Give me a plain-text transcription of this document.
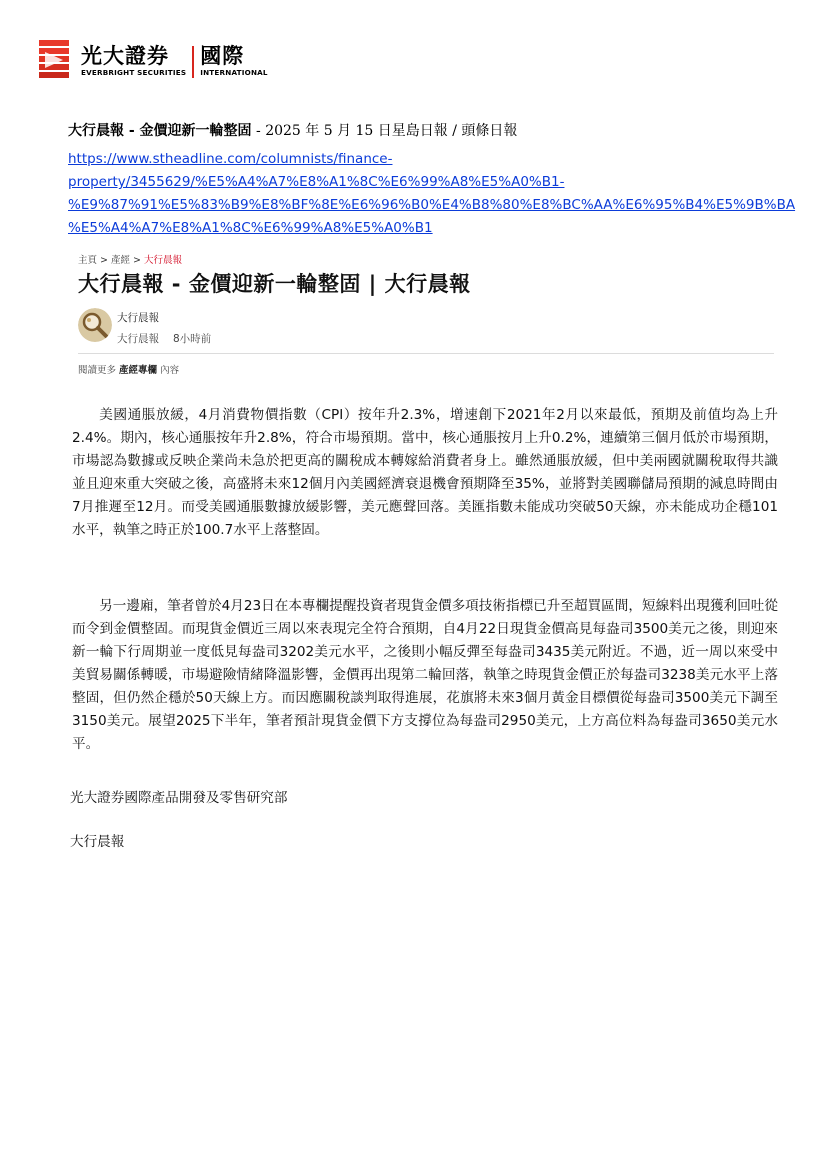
光大證券
EVERBRIGHT SECURITIES
國際
INTERNATIONAL
大行晨報 - 金價迎新一輪整固 - 2025 年 5 月 15 日星島日報 / 頭條日報
https://www.stheadline.com/columnists/finance-
property/3455629/%E5%A4%A7%E8%A1%8C%E6%99%A8%E5%A0%B1-
%E9%87%91%E5%83%B9%E8%BF%8E%E6%96%B0%E4%B8%80%E8%BC%AA%E6%95%B4%E5%9B%BA
%E5%A4%A7%E8%A1%8C%E6%99%A8%E5%A0%B1
主頁 > 產經 > 大行晨報
大行晨報 - 金價迎新一輪整固 | 大行晨報
大行晨報
大行晨報 8小時前
閱讀更多 產經專欄 內容

美國通脹放緩，4月消費物價指數（CPI）按年升2.3%，增速創下2021年2月以來最低，預期及前值均為上升2.4%。期內，核心通脹按年升2.8%，符合市場預期。當中，核心通脹按月上升0.2%，連續第三個月低於市場預期，市場認為數據或反映企業尚未急於把更高的關稅成本轉嫁給消費者身上。雖然通脹放緩，但中美兩國就關稅取得共識並且迎來重大突破之後，高盛將未來12個月內美國經濟衰退機會預期降至35%，並將對美國聯儲局預期的減息時間由7月推遲至12月。而受美國通脹數據放緩影響，美元應聲回落。美匯指數未能成功突破50天線，亦未能成功企穩101水平，執筆之時正於100.7水平上落整固。

另一邊廂，筆者曾於4月23日在本專欄提醒投資者現貨金價多項技術指標已升至超買區間，短線料出現獲利回吐從而令到金價整固。而現貨金價近三周以來表現完全符合預期，自4月22日現貨金價高見每盎司3500美元之後，則迎來新一輪下行周期並一度低見每盎司3202美元水平，之後則小幅反彈至每盎司3435美元附近。不過，近一周以來受中美貿易關係轉暖，市場避險情緒降溫影響，金價再出現第二輪回落，執筆之時現貨金價正於每盎司3238美元水平上落整固，但仍然企穩於50天線上方。而因應關稅談判取得進展，花旗將未來3個月黃金目標價從每盎司3500美元下調至3150美元。展望2025下半年，筆者預計現貨金價下方支撐位為每盎司2950美元，上方高位料為每盎司3650美元水平。

光大證券國際產品開發及零售研究部
大行晨報
